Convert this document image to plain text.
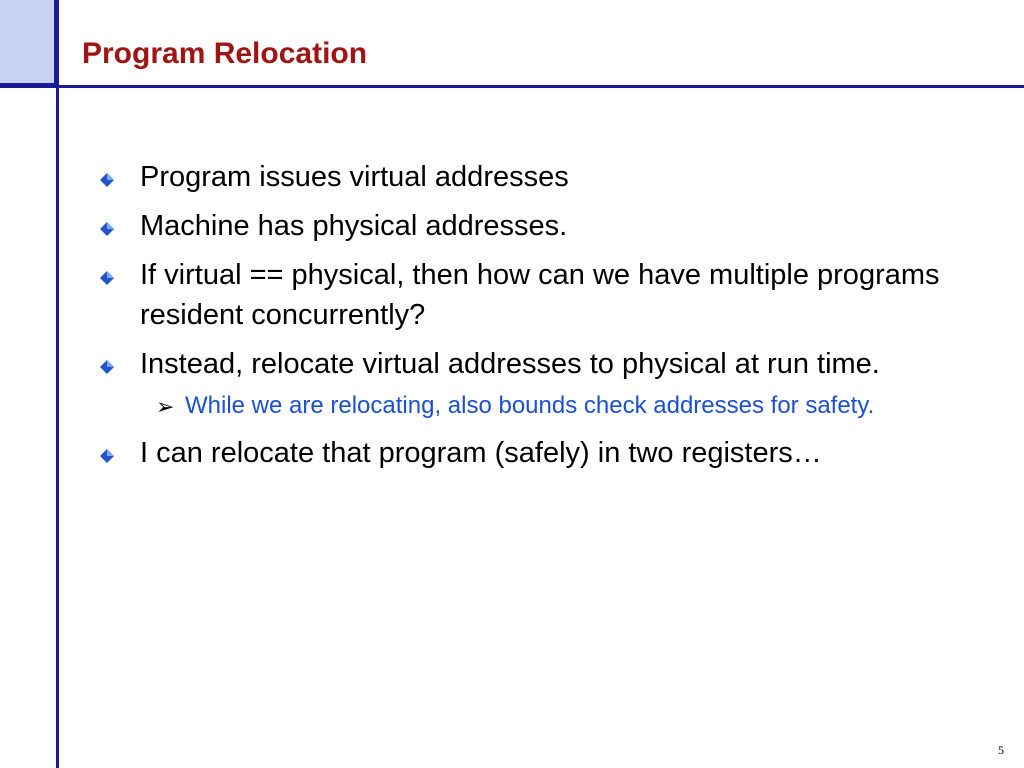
Program Relocation
Program issues virtual addresses
Machine has physical addresses.
If virtual == physical, then how can we have multiple programs resident concurrently?
Instead, relocate virtual addresses to physical at run time.
➢ While we are relocating, also bounds check addresses for safety.
I can relocate that program (safely) in two registers…
5
